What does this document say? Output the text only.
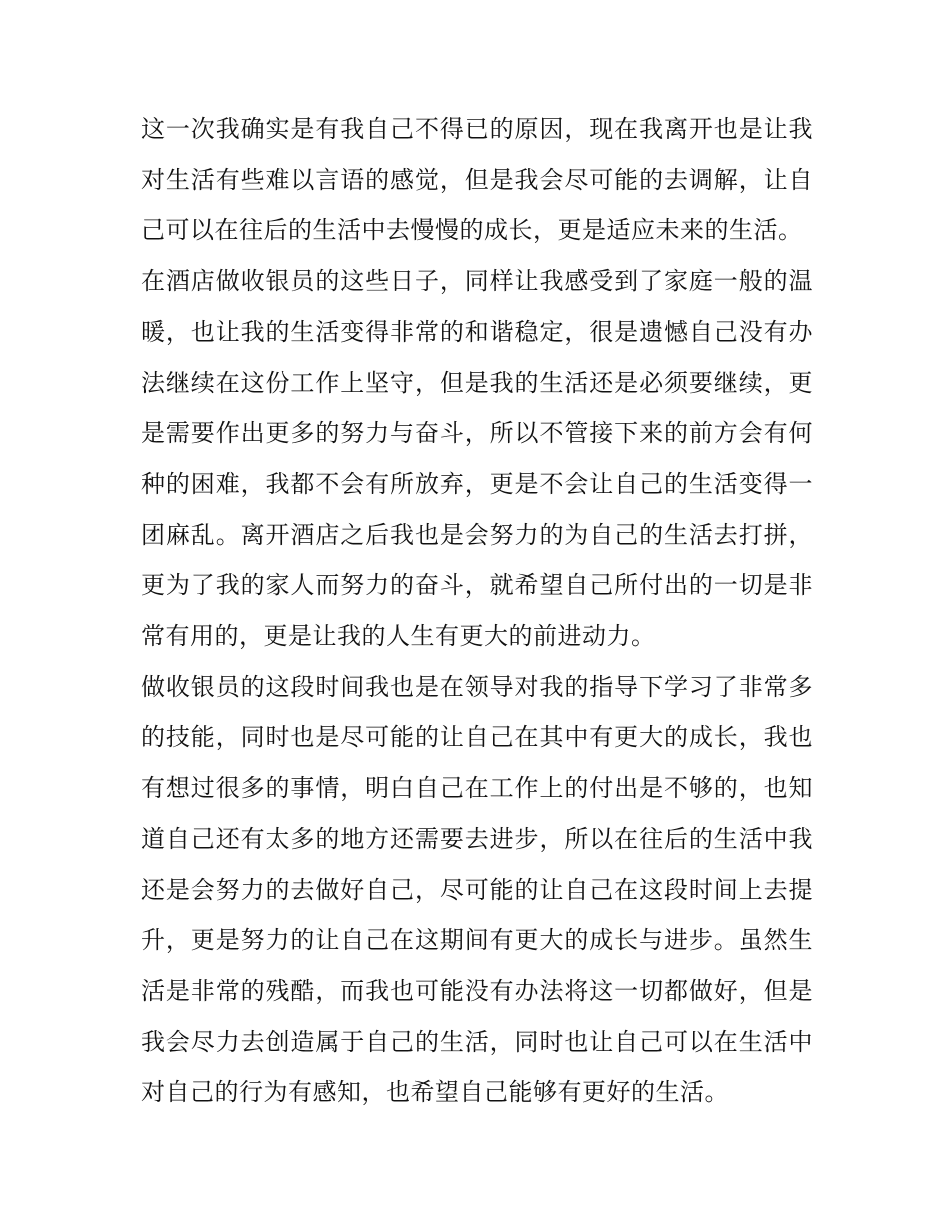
这一次我确实是有我自己不得已的原因，现在我离开也是让我对生活有些难以言语的感觉，但是我会尽可能的去调解，让自己可以在往后的生活中去慢慢的成长，更是适应未来的生活。

在酒店做收银员的这些日子，同样让我感受到了家庭一般的温暖，也让我的生活变得非常的和谐稳定，很是遗憾自己没有办法继续在这份工作上坚守，但是我的生活还是必须要继续，更是需要作出更多的努力与奋斗，所以不管接下来的前方会有何种的困难，我都不会有所放弃，更是不会让自己的生活变得一团麻乱。离开酒店之后我也是会努力的为自己的生活去打拼，更为了我的家人而努力的奋斗，就希望自己所付出的一切是非常有用的，更是让我的人生有更大的前进动力。

做收银员的这段时间我也是在领导对我的指导下学习了非常多的技能，同时也是尽可能的让自己在其中有更大的成长，我也有想过很多的事情，明白自己在工作上的付出是不够的，也知道自己还有太多的地方还需要去进步，所以在往后的生活中我还是会努力的去做好自己，尽可能的让自己在这段时间上去提升，更是努力的让自己在这期间有更大的成长与进步。虽然生活是非常的残酷，而我也可能没有办法将这一切都做好，但是我会尽力去创造属于自己的生活，同时也让自己可以在生活中对自己的行为有感知，也希望自己能够有更好的生活。
